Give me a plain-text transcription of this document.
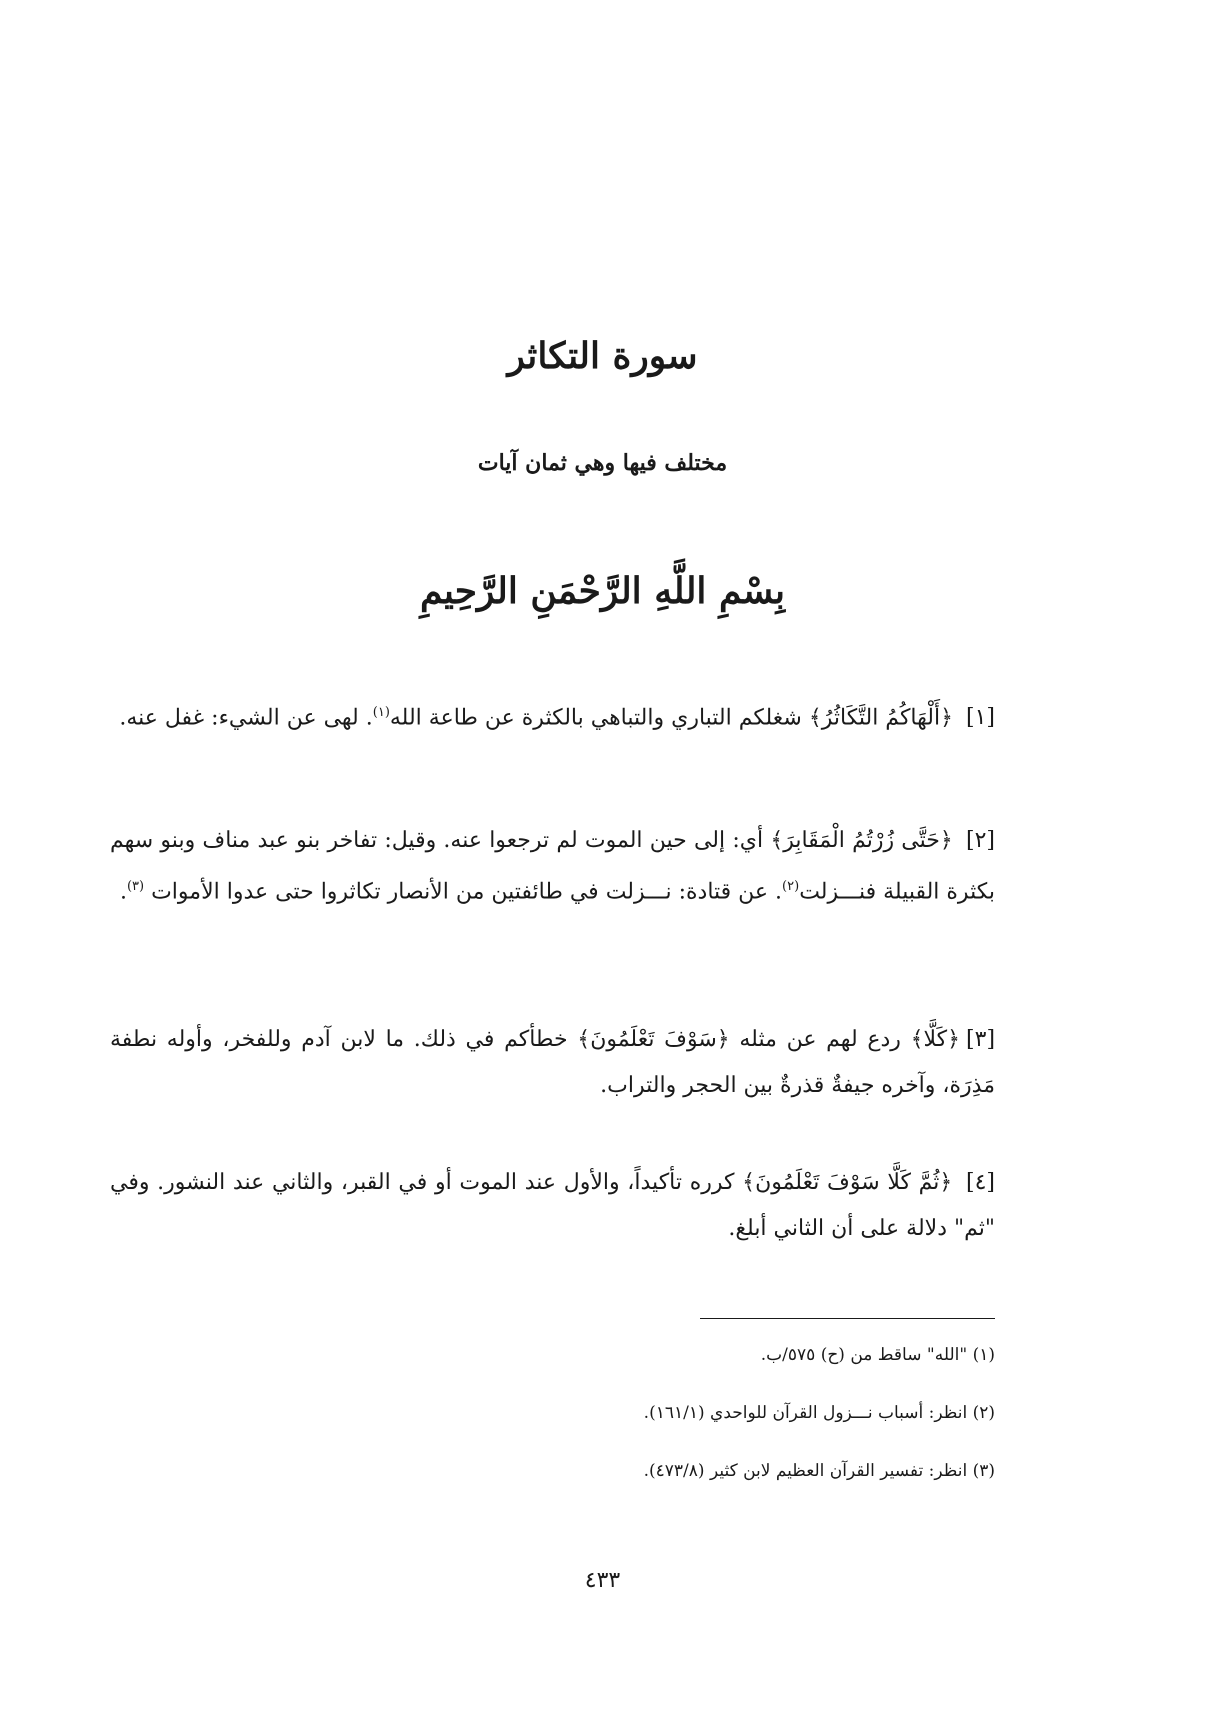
سورة التكاثر
مختلف فيها وهي ثمان آيات
بِسْمِ اللَّهِ الرَّحْمَنِ الرَّحِيمِ

[١] ﴿أَلْهَاكُمُ التَّكَاثُرُ﴾ شغلكم التباري والتباهي بالكثرة عن طاعة الله$^{(١)}$. لهى عن الشيء: غفل عنه.

[٢] ﴿حَتَّى زُرْتُمُ الْمَقَابِرَ﴾ أي: إلى حين الموت لم ترجعوا عنه. وقيل: تفاخر بنو عبد مناف وبنو سهم بكثرة القبيلة فنـــزلت$^{(٢)}$. عن قتادة: نـــزلت في طائفتين من الأنصار تكاثروا حتى عدوا الأموات $^{(٣)}$.

[٣]﴿كَلَّا﴾ ردع لهم عن مثله ﴿سَوْفَ تَعْلَمُونَ﴾ خطأكم في ذلك. ما لابن آدم وللفخر، وأوله نطفة مَذِرَة، وآخره جيفةٌ قذرةٌ بين الحجر والتراب.

[٤] ﴿ثُمَّ كَلَّا سَوْفَ تَعْلَمُونَ﴾ كرره تأكيداً، والأول عند الموت أو في القبر، والثاني عند النشور. وفي "ثم" دلالة على أن الثاني أبلغ.

(١) "الله" ساقط من (ح) ٥٧٥/ب.
(٢) انظر: أسباب نـــزول القرآن للواحدي (١٦١/١).
(٣) انظر: تفسير القرآن العظيم لابن كثير (٤٧٣/٨).
٤٣٣
